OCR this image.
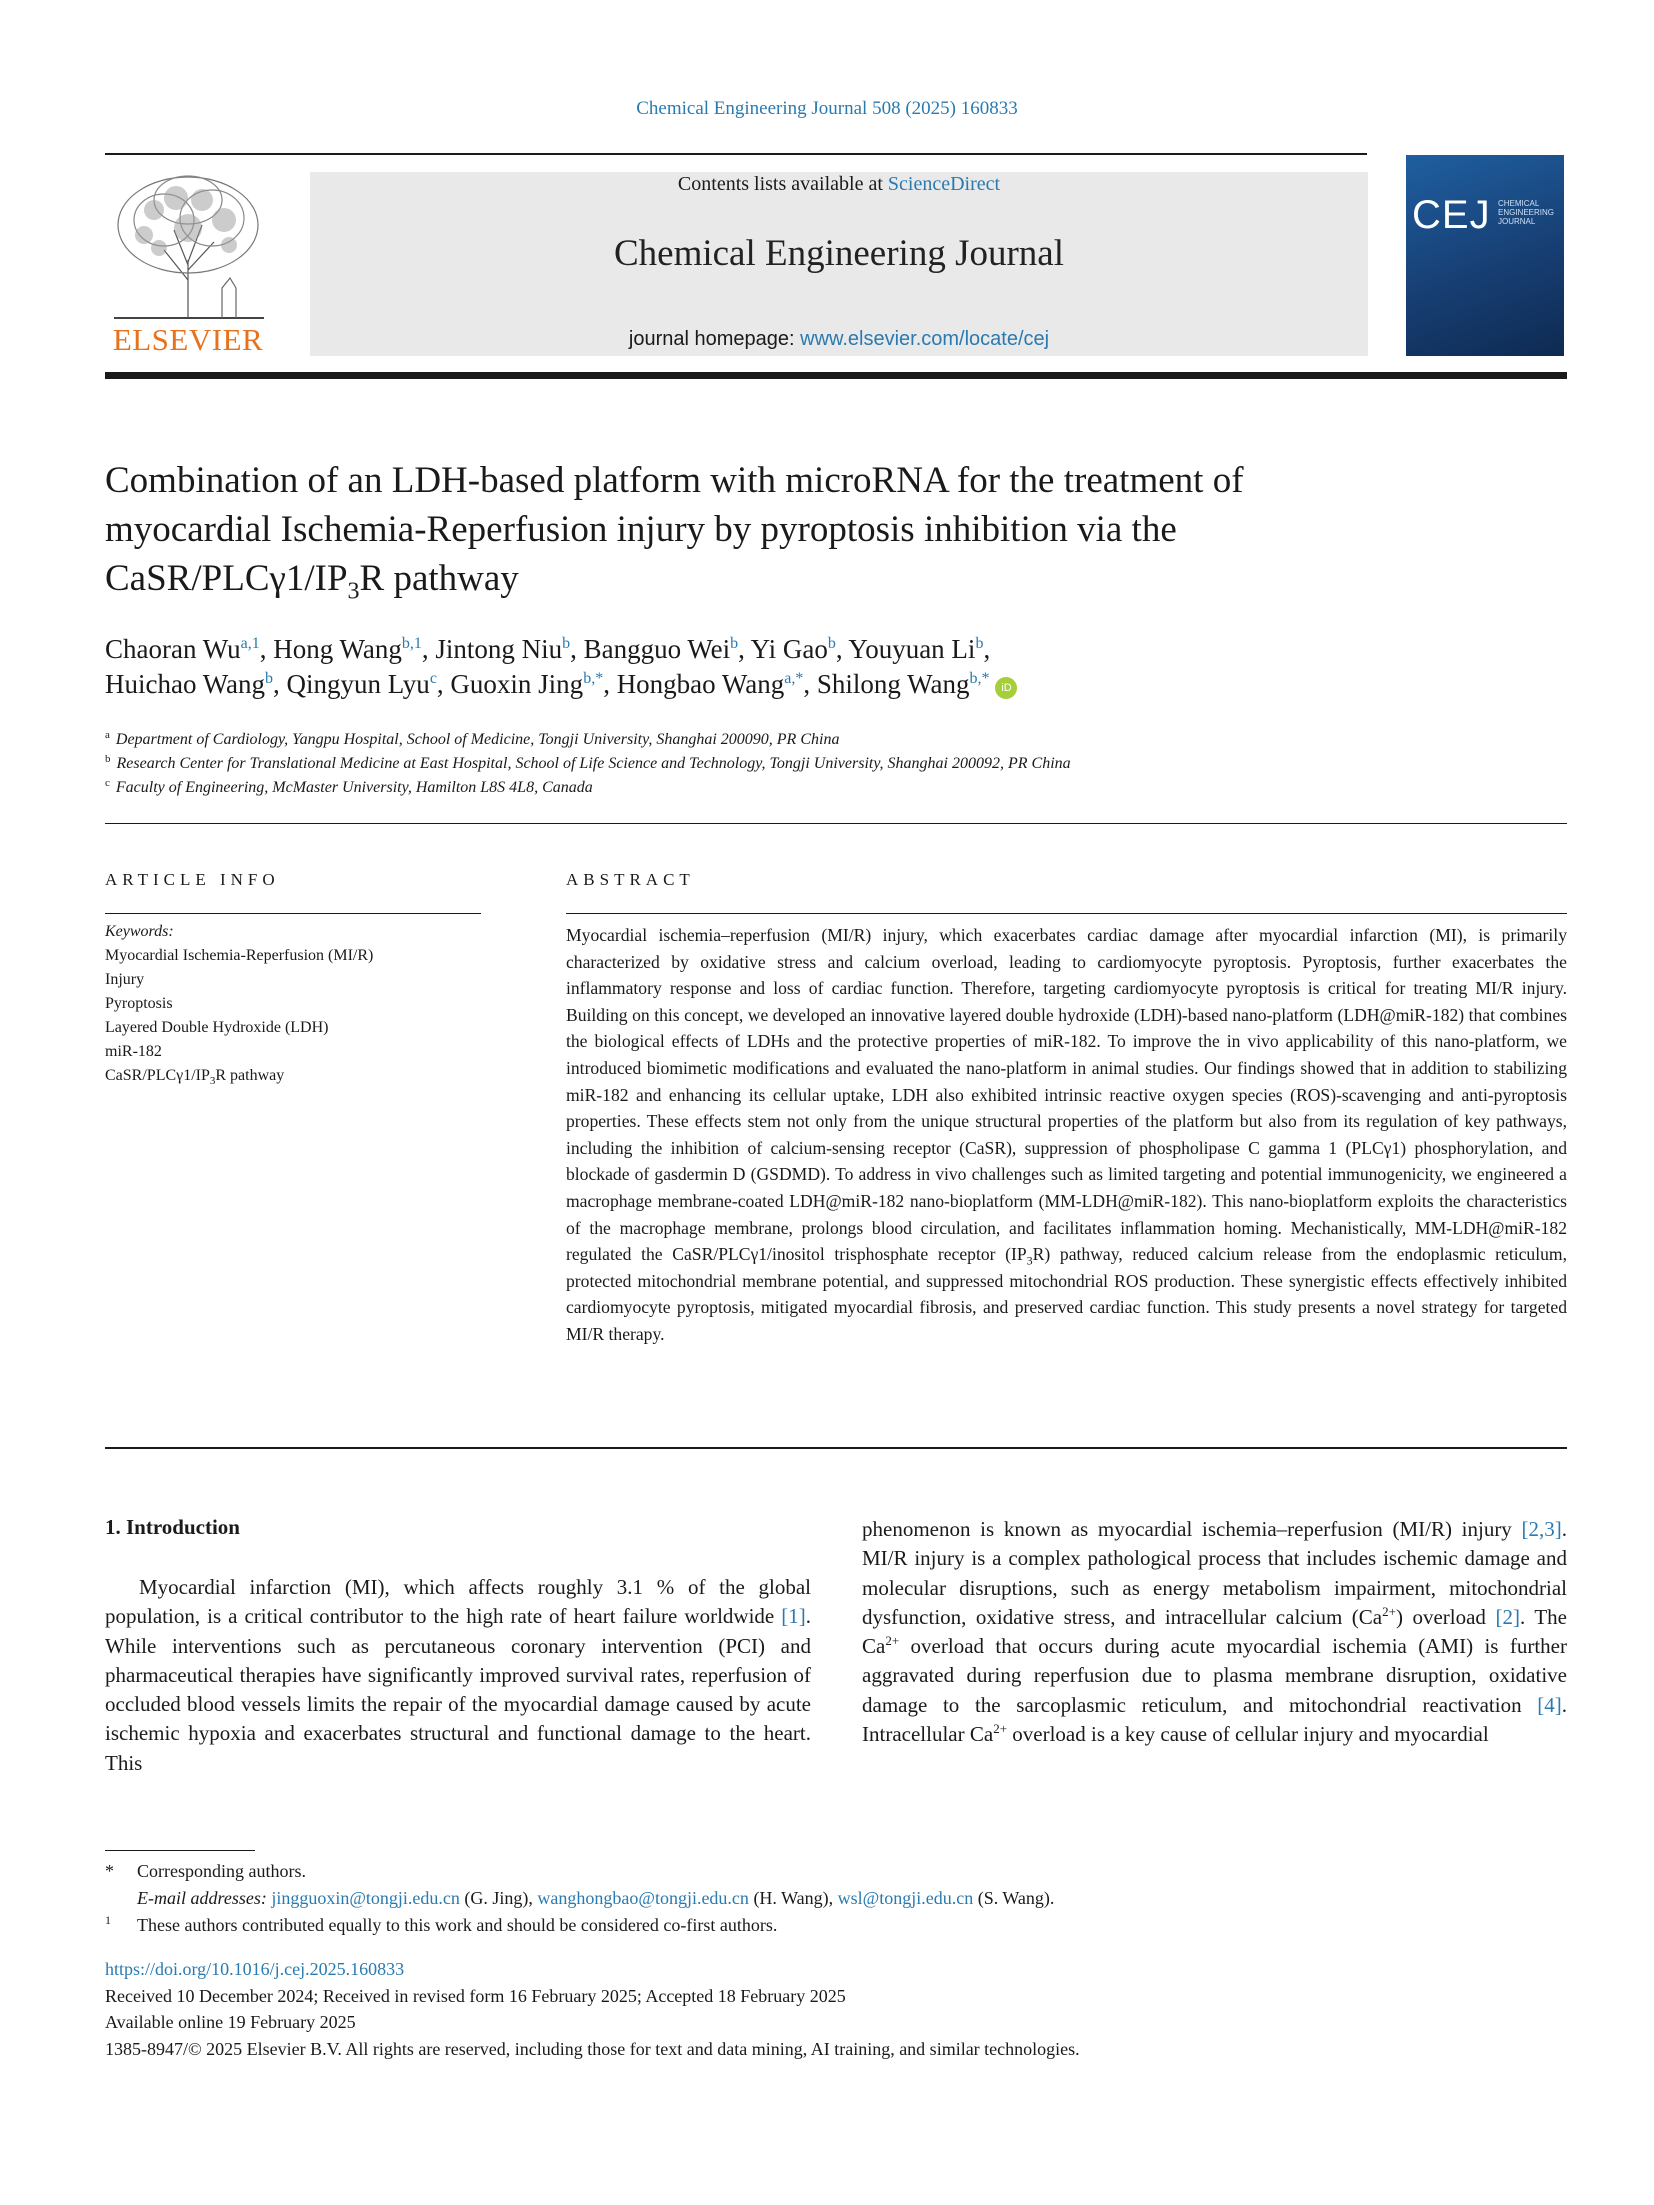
Chemical Engineering Journal 508 (2025) 160833
ELSEVIER
Contents lists available at ScienceDirect
Chemical Engineering Journal
journal homepage: www.elsevier.com/locate/cej
CEJ CHEMICAL ENGINEERING JOURNAL
Combination of an LDH-based platform with microRNA for the treatment of
myocardial Ischemia-Reperfusion injury by pyroptosis inhibition via the
CaSR/$PLC\gamma 1/IP_3R$ pathway
Chaoran Wu$^{a,1}$, Hong Wang$^{b,1}$, Jintong Niu$^b$, Bangguo Wei$^b$, Yi Gao$^b$, Youyuan Li$^b$,
Huichao Wang$^b$, Qingyun Lyu$^c$, Guoxin Jing$^{b,*}$, Hongbao Wang$^{a,*}$, Shilong Wang$^{b,*}$iD
$^a$ Department of Cardiology, Yangpu Hospital, School of Medicine, Tongji University, Shanghai 200090, PR China
$^b$ Research Center for Translational Medicine at East Hospital, School of Life Science and Technology, Tongji University, Shanghai 200092, PR China
$^c$ Faculty of Engineering, McMaster University, Hamilton L8S 4L8, Canada
ARTICLE INFO	ABSTRACT
Keywords:
Myocardial Ischemia-Reperfusion (MI/R)
Injury
Pyroptosis
Layered Double Hydroxide (LDH)
miR-182
CaSR/$PLC\gamma 1/IP_3R$ pathway
Myocardial ischemia–reperfusion (MI/R) injury, which exacerbates cardiac damage after myocardial infarction (MI), is primarily characterized by oxidative stress and calcium overload, leading to cardiomyocyte pyroptosis. Pyroptosis, further exacerbates the inflammatory response and loss of cardiac function. Therefore, targeting cardiomyocyte pyroptosis is critical for treating MI/R injury. Building on this concept, we developed an innovative layered double hydroxide (LDH)-based nano-platform (LDH@miR-182) that combines the biological effects of LDHs and the protective properties of miR-182. To improve the in vivo applicability of this nano-platform, we introduced biomimetic modifications and evaluated the nano-platform in animal studies. Our findings showed that in addition to stabilizing miR-182 and enhancing its cellular uptake, LDH also exhibited intrinsic reactive oxygen species (ROS)-scavenging and anti-pyroptosis properties. These effects stem not only from the unique structural properties of the platform but also from its regulation of key pathways, including the inhibition of calcium-sensing receptor (CaSR), suppression of phospholipase C gamma 1 (PLCγ1) phosphorylation, and blockade of gasdermin D (GSDMD). To address in vivo challenges such as limited targeting and potential immunogenicity, we engineered a macrophage membrane-coated LDH@miR-182 nano-bioplatform (MM-LDH@miR-182). This nano-bioplatform exploits the characteristics of the macrophage membrane, prolongs blood circulation, and facilitates inflammation homing. Mechanistically, MM-LDH@miR-182 regulated the CaSR/PLCγ1/inositol trisphosphate receptor $(IP_3R)$ pathway, reduced calcium release from the endoplasmic reticulum, protected mitochondrial membrane potential, and suppressed mitochondrial ROS production. These synergistic effects effectively inhibited cardiomyocyte pyroptosis, mitigated myocardial fibrosis, and preserved cardiac function. This study presents a novel strategy for targeted MI/R therapy.
1. Introduction
Myocardial infarction (MI), which affects roughly 3.1 % of the global population, is a critical contributor to the high rate of heart failure worldwide [1]. While interventions such as percutaneous coronary intervention (PCI) and pharmaceutical therapies have significantly improved survival rates, reperfusion of occluded blood vessels limits the repair of the myocardial damage caused by acute ischemic hypoxia and exacerbates structural and functional damage to the heart. This
phenomenon is known as myocardial ischemia–reperfusion (MI/R) injury [2,3]. MI/R injury is a complex pathological process that includes ischemic damage and molecular disruptions, such as energy metabolism impairment, mitochondrial dysfunction, oxidative stress, and intracellular calcium $(Ca^{2+})$ overload [2]. The $Ca^{2+}$ overload that occurs during acute myocardial ischemia (AMI) is further aggravated during reperfusion due to plasma membrane disruption, oxidative damage to the sarcoplasmic reticulum, and mitochondrial reactivation [4]. Intracellular $Ca^{2+}$ overload is a key cause of cellular injury and myocardial
* Corresponding authors.
E-mail addresses: jingguoxin@tongji.edu.cn (G. Jing), wanghongbao@tongji.edu.cn (H. Wang), wsl@tongji.edu.cn (S. Wang).
1 These authors contributed equally to this work and should be considered co-first authors.
https://doi.org/10.1016/j.cej.2025.160833
Received 10 December 2024; Received in revised form 16 February 2025; Accepted 18 February 2025
Available online 19 February 2025
1385-8947/© 2025 Elsevier B.V. All rights are reserved, including those for text and data mining, AI training, and similar technologies.
